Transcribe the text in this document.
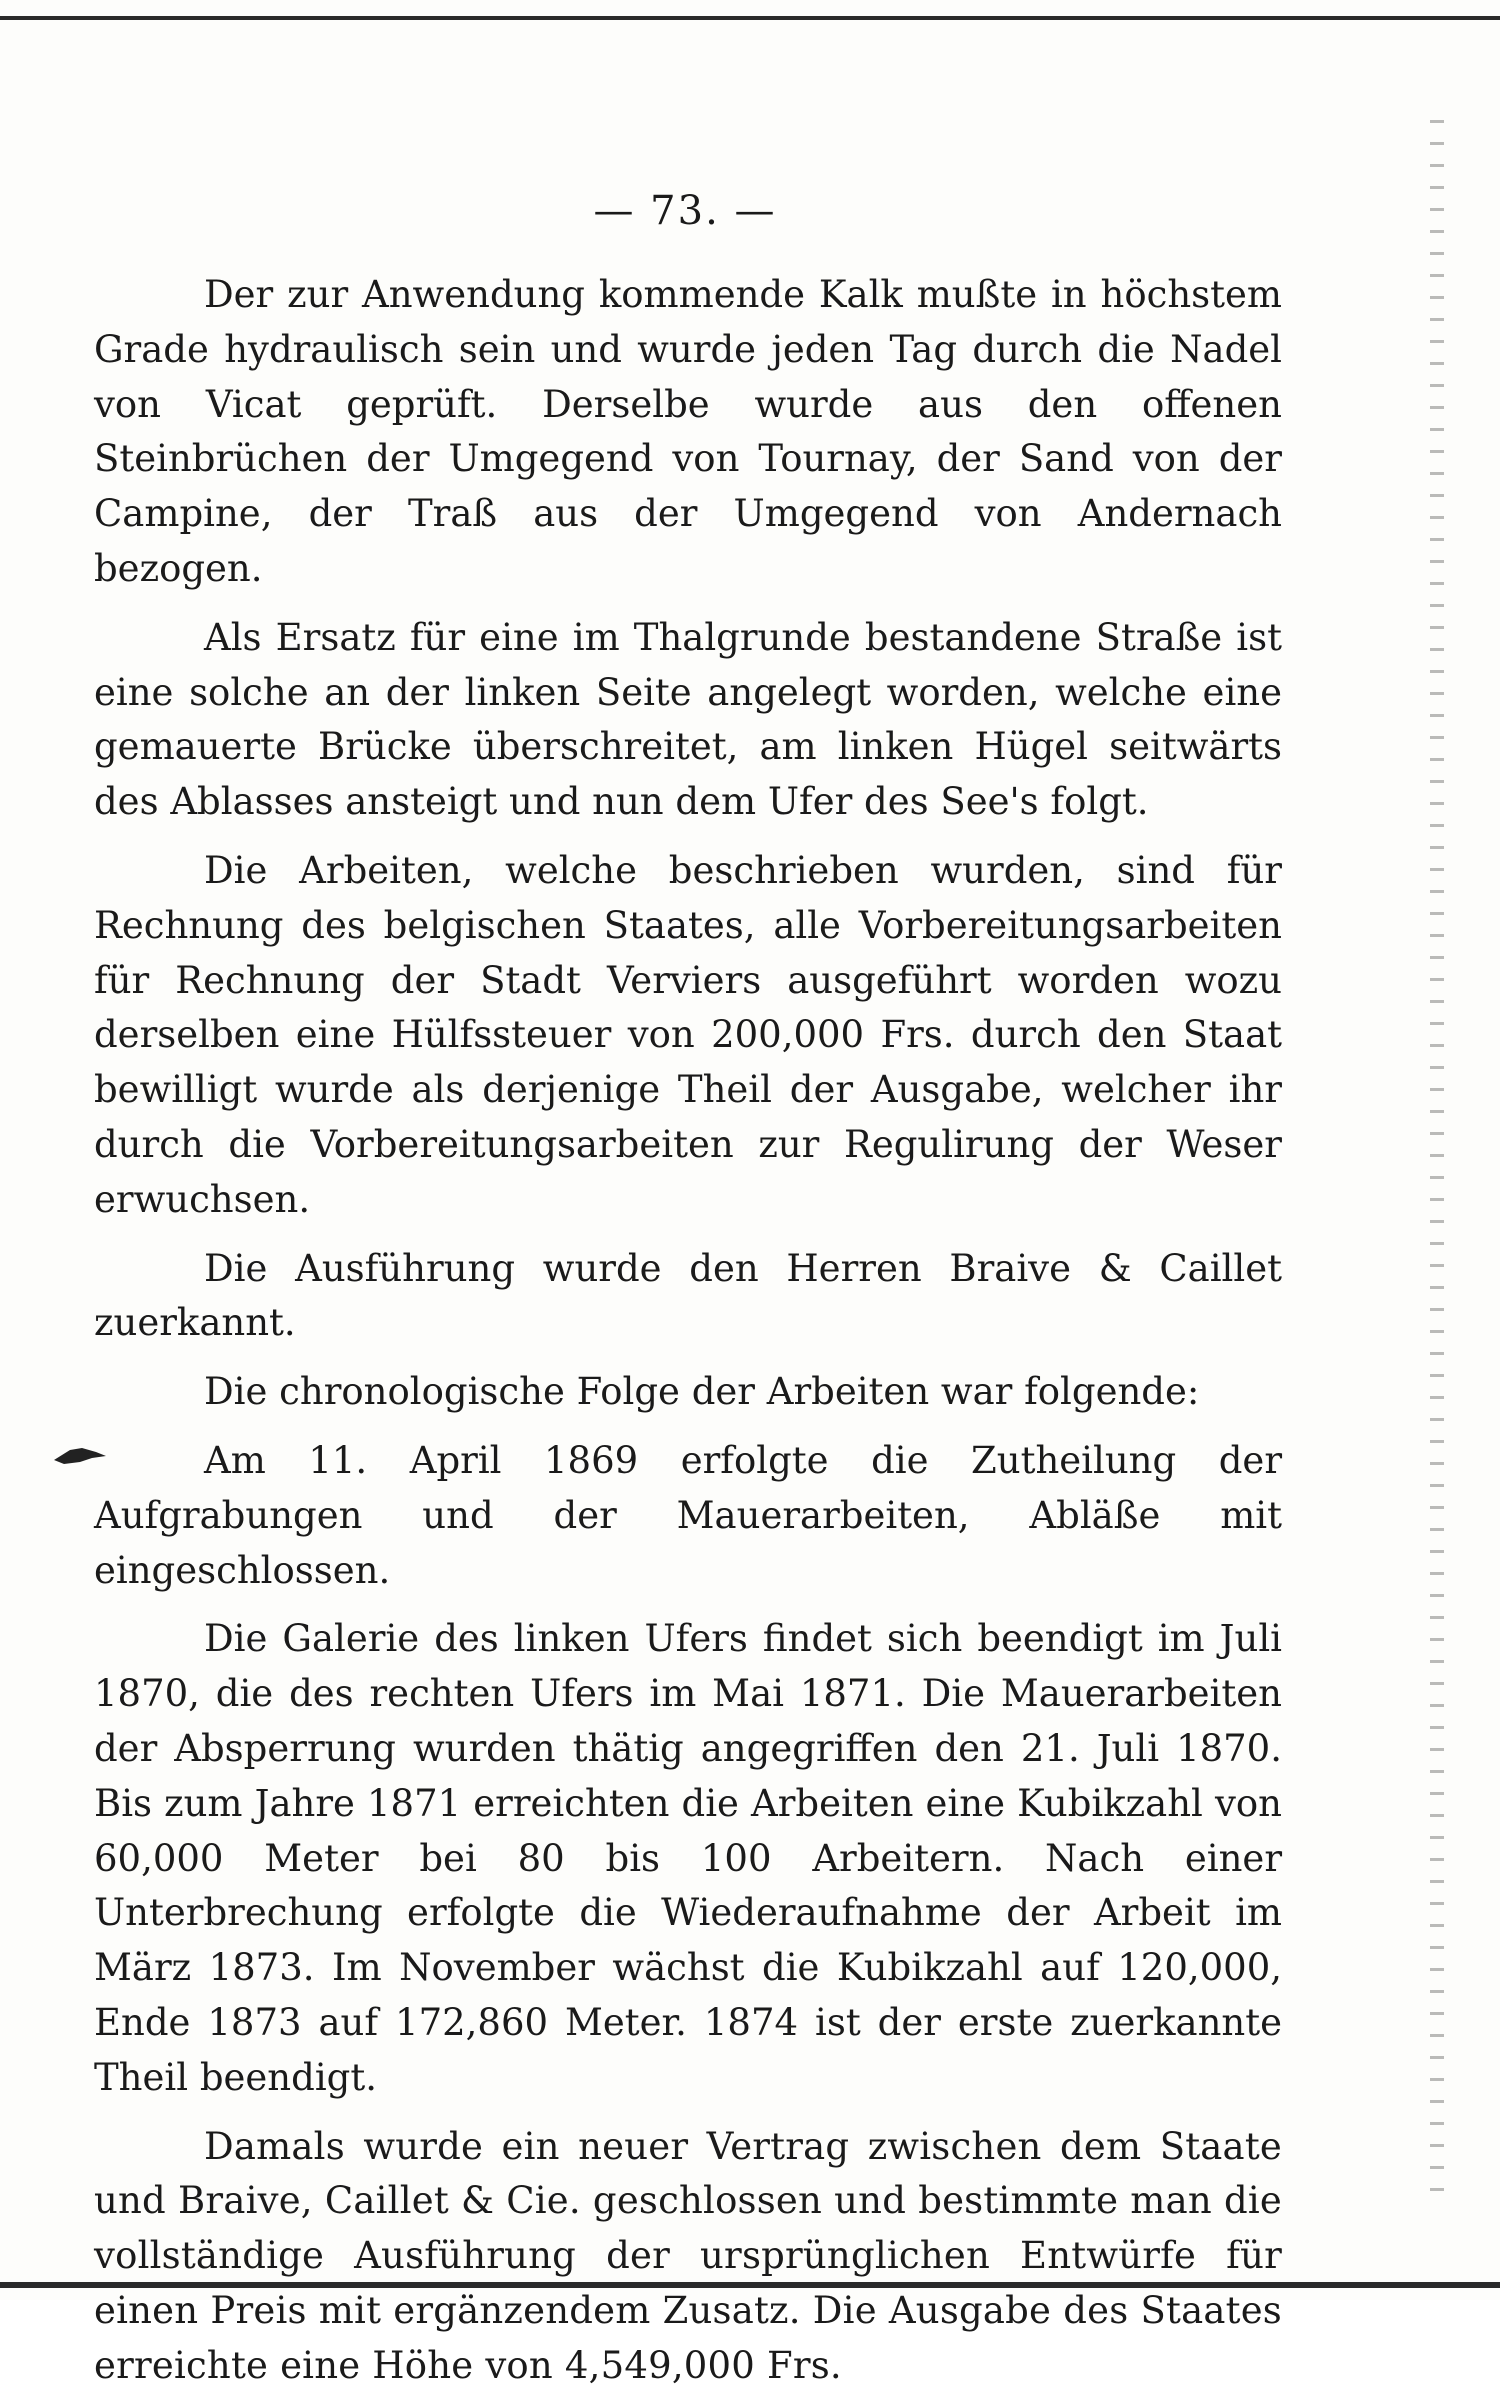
— 73. —

Der zur Anwendung kommende Kalk mußte in höchstem Grade hydraulisch sein und wurde jeden Tag durch die Nadel von Vicat geprüft. Derselbe wurde aus den offenen Steinbrüchen der Umgegend von Tournay, der Sand von der Campine, der Traß aus der Umgegend von Andernach bezogen.

Als Ersatz für eine im Thalgrunde bestandene Straße ist eine solche an der linken Seite angelegt worden, welche eine gemauerte Brücke überschreitet, am linken Hügel seitwärts des Ablasses ansteigt und nun dem Ufer des See's folgt.

Die Arbeiten, welche beschrieben wurden, sind für Rechnung des belgischen Staates, alle Vorbereitungsarbeiten für Rechnung der Stadt Verviers ausgeführt worden wozu derselben eine Hülfssteuer von 200,000 Frs. durch den Staat bewilligt wurde als derjenige Theil der Ausgabe, welcher ihr durch die Vorbereitungsarbeiten zur Regulirung der Weser erwuchsen.

Die Ausführung wurde den Herren Braive & Caillet zuerkannt.

Die chronologische Folge der Arbeiten war folgende:

Am 11. April 1869 erfolgte die Zutheilung der Aufgrabungen und der Mauerarbeiten, Abläße mit eingeschlossen.

Die Galerie des linken Ufers findet sich beendigt im Juli 1870, die des rechten Ufers im Mai 1871. Die Mauerarbeiten der Absperrung wurden thätig angegriffen den 21. Juli 1870. Bis zum Jahre 1871 erreichten die Arbeiten eine Kubikzahl von 60,000 Meter bei 80 bis 100 Arbeitern. Nach einer Unterbrechung erfolgte die Wiederaufnahme der Arbeit im März 1873. Im November wächst die Kubikzahl auf 120,000, Ende 1873 auf 172,860 Meter. 1874 ist der erste zuerkannte Theil beendigt.

Damals wurde ein neuer Vertrag zwischen dem Staate und Braive, Caillet & Cie. geschlossen und bestimmte man die vollständige Ausführung der ursprünglichen Entwürfe für einen Preis mit ergänzendem Zusatz. Die Ausgabe des Staates erreichte eine Höhe von 4,549,000 Frs.
